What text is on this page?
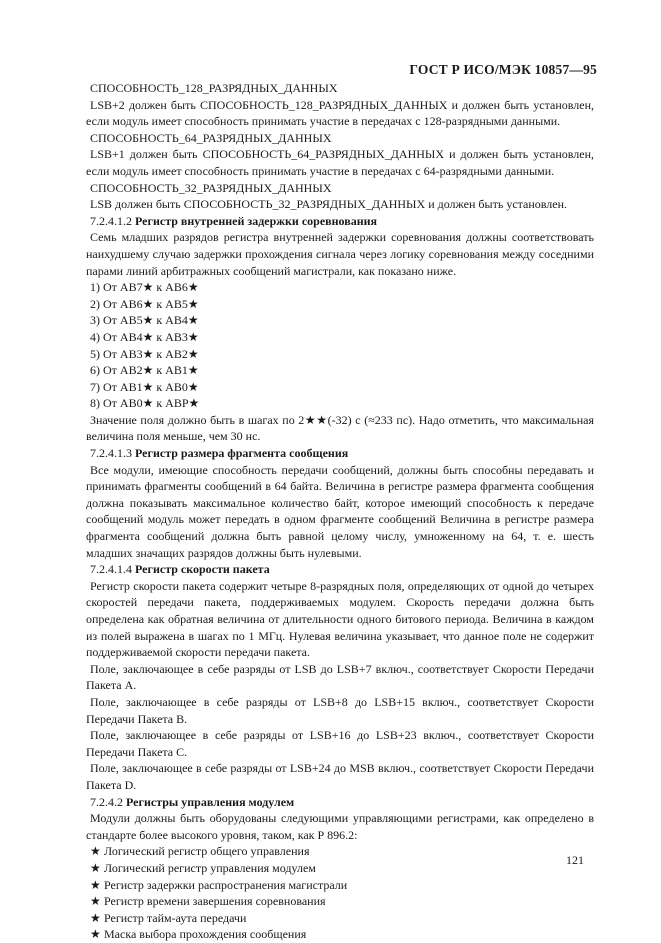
ГОСТ Р ИСО/МЭК 10857—95

СПОСОБНОСТЬ_128_РАЗРЯДНЫХ_ДАННЫХ

LSB+2 должен быть СПОСОБНОСТЬ_128_РАЗРЯДНЫХ_ДАННЫХ и должен быть установлен, если модуль имеет способность принимать участие в передачах с 128-разрядными данными.

СПОСОБНОСТЬ_64_РАЗРЯДНЫХ_ДАННЫХ

LSB+1 должен быть СПОСОБНОСТЬ_64_РАЗРЯДНЫХ_ДАННЫХ и должен быть установлен, если модуль имеет способность принимать участие в передачах с 64-разрядными данными.

СПОСОБНОСТЬ_32_РАЗРЯДНЫХ_ДАННЫХ

LSB должен быть СПОСОБНОСТЬ_32_РАЗРЯДНЫХ_ДАННЫХ и должен быть установлен.

7.2.4.1.2 Регистр внутренней задержки соревнования

Семь младших разрядов регистра внутренней задержки соревнования должны соответствовать наихудшему случаю задержки прохождения сигнала через логику соревнования между соседними парами линий арбитражных сообщений магистрали, как показано ниже.

1) От АВ7★ к АВ6★
2) От АВ6★ к АВ5★
3) От АВ5★ к АВ4★
4) От АВ4★ к АВ3★
5) От АВ3★ к АВ2★
6) От АВ2★ к АВ1★
7) От АВ1★ к АВ0★
8) От АВ0★ к АВР★

Значение поля должно быть в шагах по 2★★(-32) с (≈233 пс). Надо отметить, что максимальная величина поля меньше, чем 30 нс.

7.2.4.1.3 Регистр размера фрагмента сообщения

Все модули, имеющие способность передачи сообщений, должны быть способны передавать и принимать фрагменты сообщений в 64 байта. Величина в регистре размера фрагмента сообщения должна показывать максимальное количество байт, которое имеющий способность к передаче сообщений модуль может передать в одном фрагменте сообщений Величина в регистре размера фрагмента сообщений должна быть равной целому числу, умноженному на 64, т. е. шесть младших значащих разрядов должны быть нулевыми.

7.2.4.1.4 Регистр скорости пакета

Регистр скорости пакета содержит четыре 8-разрядных поля, определяющих от одной до четырех скоростей передачи пакета, поддерживаемых модулем. Скорость передачи должна быть определена как обратная величина от длительности одного битового периода. Величина в каждом из полей выражена в шагах по 1 МГц. Нулевая величина указывает, что данное поле не содержит поддерживаемой скорости передачи пакета.

Поле, заключающее в себе разряды от LSB до LSB+7 включ., соответствует Скорости Передачи Пакета А.

Поле, заключающее в себе разряды от LSB+8 до LSB+15 включ., соответствует Скорости Передачи Пакета В.

Поле, заключающее в себе разряды от LSB+16 до LSB+23 включ., соответствует Скорости Передачи Пакета С.

Поле, заключающее в себе разряды от LSB+24 до MSB включ., соответствует Скорости Передачи Пакета D.

7.2.4.2 Регистры управления модулем

Модули должны быть оборудованы следующими управляющими регистрами, как определено в стандарте более высокого уровня, таком, как Р 896.2:

★ Логический регистр общего управления
★ Логический регистр управления модулем
★ Регистр задержки распространения магистрали
★ Регистр времени завершения соревнования
★ Регистр тайм-аута передачи
★ Маска выбора прохождения сообщения
121
